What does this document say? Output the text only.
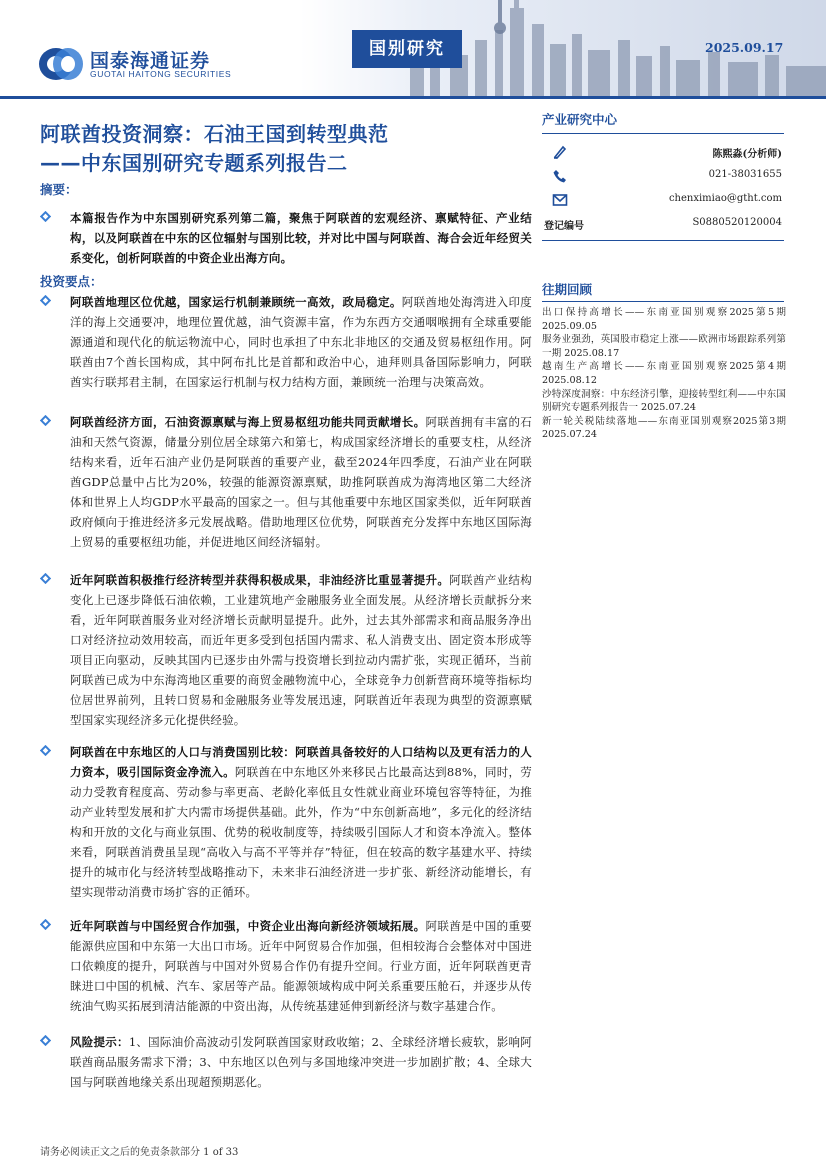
国泰海通证券
GUOTAI HAITONG SECURITIES
国别研究	2025.09.17
阿联酋投资洞察：石油王国到转型典范
——中东国别研究专题系列报告二
摘要：
本篇报告作为中东国别研究系列第二篇，聚焦于阿联酋的宏观经济、禀赋特征、产业结构，以及阿联酋在中东的区位辐射与国别比较，并对比中国与阿联酋、海合会近年经贸关系变化，创析阿联酋的中资企业出海方向。
投资要点：
阿联酋地理区位优越，国家运行机制兼顾统一高效，政局稳定。阿联酋地处海湾进入印度洋的海上交通要冲，地理位置优越，油气资源丰富，作为东西方交通咽喉拥有全球重要能源通道和现代化的航运物流中心，同时也承担了中东北非地区的交通及贸易枢纽作用。阿联酋由7个酋长国构成，其中阿布扎比是首都和政治中心，迪拜则具备国际影响力，阿联酋实行联邦君主制，在国家运行机制与权力结构方面，兼顾统一治理与决策高效。
阿联酋经济方面，石油资源禀赋与海上贸易枢纽功能共同贡献增长。阿联酋拥有丰富的石油和天然气资源，储量分别位居全球第六和第七，构成国家经济增长的重要支柱，从经济结构来看，近年石油产业仍是阿联酋的重要产业，截至2024年四季度，石油产业在阿联酋GDP总量中占比为20%，较强的能源资源禀赋，助推阿联酋成为海湾地区第二大经济体和世界上人均GDP水平最高的国家之一。但与其他重要中东地区国家类似，近年阿联酋政府倾向于推进经济多元发展战略。借助地理区位优势，阿联酋充分发挥中东地区国际海上贸易的重要枢纽功能，并促进地区间经济辐射。
近年阿联酋积极推行经济转型并获得积极成果，非油经济比重显著提升。阿联酋产业结构变化上已逐步降低石油依赖，工业建筑地产金融服务业全面发展。从经济增长贡献拆分来看，近年阿联酋服务业对经济增长贡献明显提升。此外，过去其外部需求和商品服务净出口对经济拉动效用较高，而近年更多受到包括国内需求、私人消费支出、固定资本形成等项目正向驱动，反映其国内已逐步由外需与投资增长到拉动内需扩张，实现正循环，当前阿联酋已成为中东海湾地区重要的商贸金融物流中心，全球竞争力创新营商环境等指标均位居世界前列，且转口贸易和金融服务业等发展迅速，阿联酋近年表现为典型的资源禀赋型国家实现经济多元化提供经验。
阿联酋在中东地区的人口与消费国别比较：阿联酋具备较好的人口结构以及更有活力的人力资本，吸引国际资金净流入。阿联酋在中东地区外来移民占比最高达到88%，同时，劳动力受教育程度高、劳动参与率更高、老龄化率低且女性就业商业环境包容等特征，为推动产业转型发展和扩大内需市场提供基础。此外，作为“中东创新高地”，多元化的经济结构和开放的文化与商业氛围、优势的税收制度等，持续吸引国际人才和资本净流入。整体来看，阿联酋消费虽呈现“高收入与高不平等并存”特征，但在较高的数字基建水平、持续提升的城市化与经济转型战略推动下，未来非石油经济进一步扩张、新经济动能增长，有望实现带动消费市场扩容的正循环。
近年阿联酋与中国经贸合作加强，中资企业出海向新经济领域拓展。阿联酋是中国的重要能源供应国和中东第一大出口市场。近年中阿贸易合作加强，但相较海合会整体对中国进口依赖度的提升，阿联酋与中国对外贸易合作仍有提升空间。行业方面，近年阿联酋更青睐进口中国的机械、汽车、家居等产品。能源领域构成中阿关系重要压舱石，并逐步从传统油气购买拓展到清洁能源的中资出海，从传统基建延伸到新经济与数字基建合作。
风险提示：1、国际油价高波动引发阿联酋国家财政收缩；2、全球经济增长疲软，影响阿联酋商品服务需求下滑；3、中东地区以色列与多国地缘冲突进一步加剧扩散；4、全球大国与阿联酋地缘关系出现超预期恶化。
产业研究中心
陈熙淼(分析师)
021-38031655
chenximiao@gtht.com
登记编号	S0880520120004
往期回顾
出口保持高增长——东南亚国别观察2025第5期 2025.09.05
服务业强劲，英国股市稳定上涨——欧洲市场跟踪系列第一期 2025.08.17
越南生产高增长——东南亚国别观察2025第4期 2025.08.12
沙特深度洞察：中东经济引擎，迎接转型红利——中东国别研究专题系列报告一 2025.07.24
新一轮关税陆续落地——东南亚国别观察2025第3期 2025.07.24
请务必阅读正文之后的免责条款部分 1 of 33
